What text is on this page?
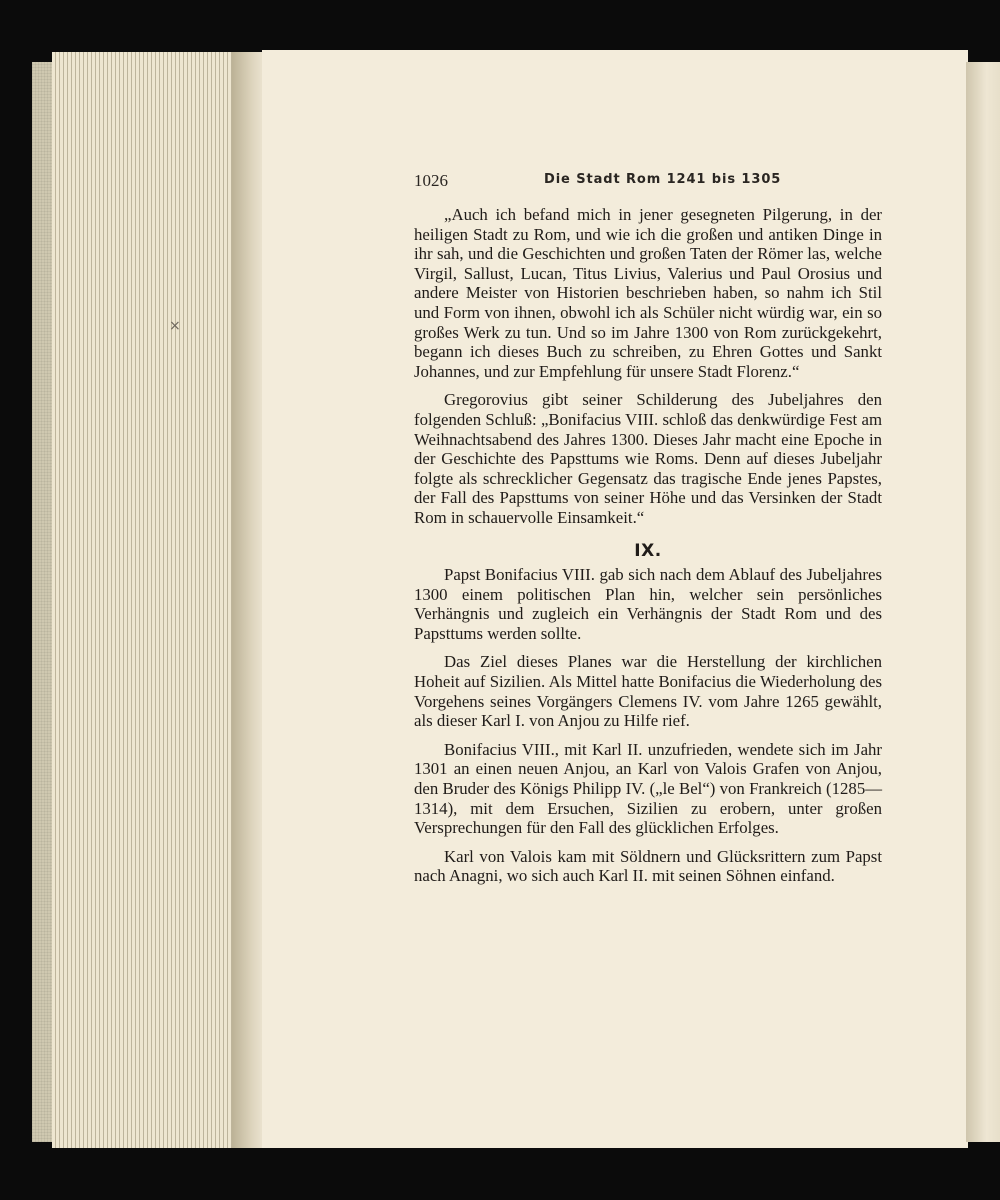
×
1026	Die Stadt Rom 1241 bis 1305

„Auch ich befand mich in jener gesegneten Pilgerung, in der heiligen Stadt zu Rom, und wie ich die großen und antiken Dinge in ihr sah, und die Geschichten und großen Taten der Römer las, welche Virgil, Sallust, Lucan, Titus Livius, Valerius und Paul Orosius und andere Meister von Historien beschrieben haben, so nahm ich Stil und Form von ihnen, obwohl ich als Schüler nicht würdig war, ein so großes Werk zu tun. Und so im Jahre 1300 von Rom zurückgekehrt, begann ich dieses Buch zu schreiben, zu Ehren Gottes und Sankt Johannes, und zur Empfehlung für unsere Stadt Florenz.“

Gregorovius gibt seiner Schilderung des Jubeljahres den folgenden Schluß: „Bonifacius VIII. schloß das denkwürdige Fest am Weihnachtsabend des Jahres 1300. Dieses Jahr macht eine Epoche in der Geschichte des Papsttums wie Roms. Denn auf dieses Jubeljahr folgte als schrecklicher Gegensatz das tragische Ende jenes Papstes, der Fall des Papsttums von seiner Höhe und das Versinken der Stadt Rom in schauervolle Einsamkeit.“

IX.

Papst Bonifacius VIII. gab sich nach dem Ablauf des Jubeljahres 1300 einem politischen Plan hin, welcher sein persönliches Verhängnis und zugleich ein Verhängnis der Stadt Rom und des Papsttums werden sollte.

Das Ziel dieses Planes war die Herstellung der kirchlichen Hoheit auf Sizilien. Als Mittel hatte Bonifacius die Wiederholung des Vorgehens seines Vorgängers Clemens IV. vom Jahre 1265 gewählt, als dieser Karl I. von Anjou zu Hilfe rief.

Bonifacius VIII., mit Karl II. unzufrieden, wendete sich im Jahr 1301 an einen neuen Anjou, an Karl von Valois Grafen von Anjou, den Bruder des Königs Philipp IV. („le Bel“) von Frankreich (1285—1314), mit dem Ersuchen, Sizilien zu erobern, unter großen Versprechungen für den Fall des glücklichen Erfolges.

Karl von Valois kam mit Söldnern und Glücksrittern zum Papst nach Anagni, wo sich auch Karl II. mit seinen Söhnen einfand.
